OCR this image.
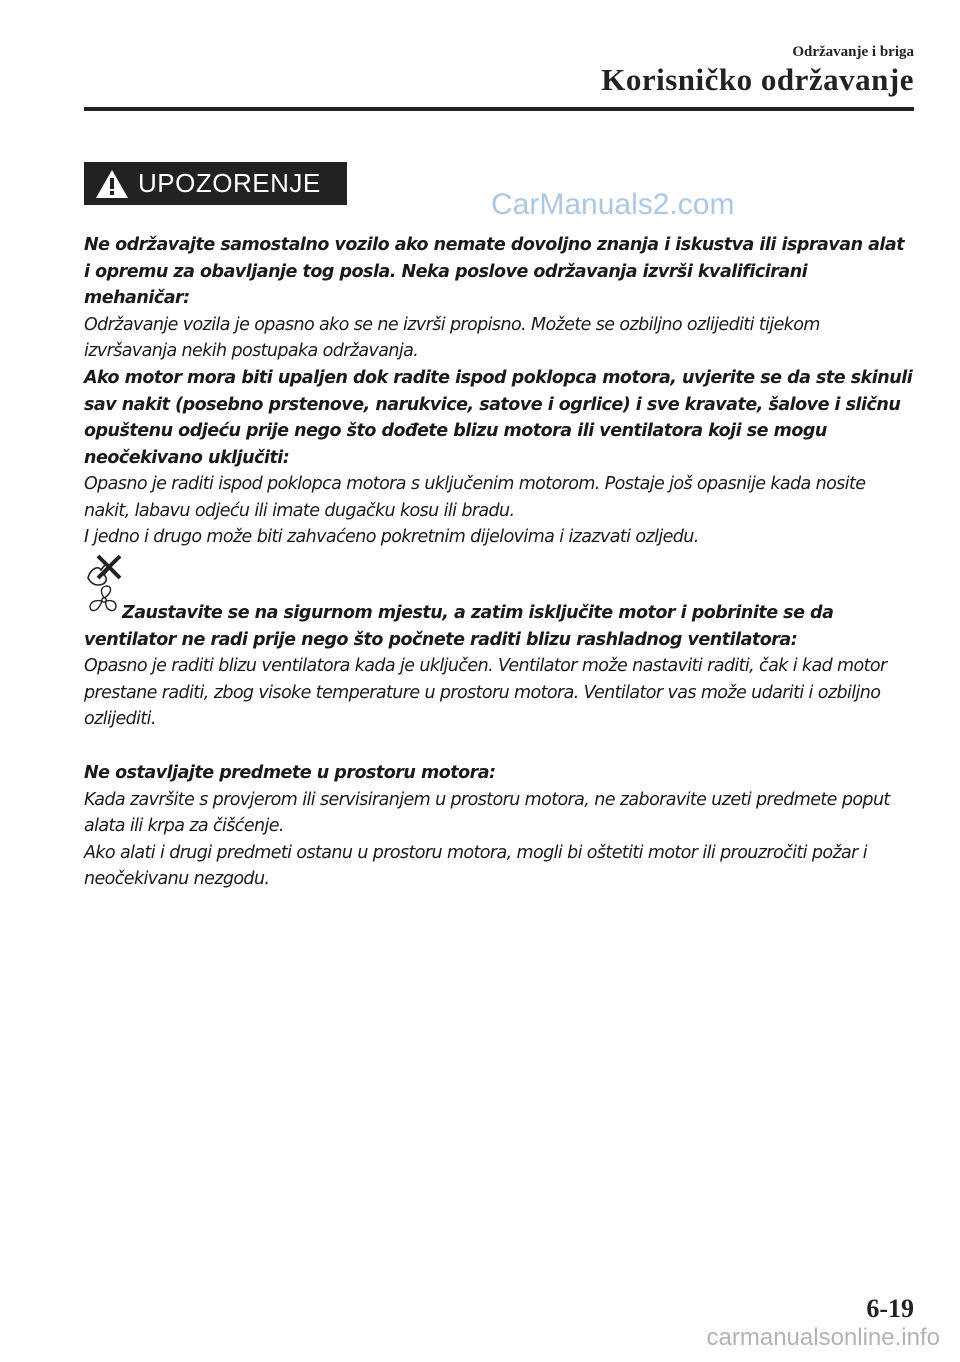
Održavanje i briga
Korisničko održavanje
UPOZORENJE
CarManuals2.com

Ne održavajte samostalno vozilo ako nemate dovoljno znanja i iskustva ili ispravan alat i opremu za obavljanje tog posla. Neka poslove održavanja izvrši kvalificirani mehaničar:

Održavanje vozila je opasno ako se ne izvrši propisno. Možete se ozbiljno ozlijediti tijekom izvršavanja nekih postupaka održavanja.

Ako motor mora biti upaljen dok radite ispod poklopca motora, uvjerite se da ste skinuli sav nakit (posebno prstenove, narukvice, satove i ogrlice) i sve kravate, šalove i sličnu opuštenu odjeću prije nego što dođete blizu motora ili ventilatora koji se mogu neočekivano uključiti:

Opasno je raditi ispod poklopca motora s uključenim motorom. Postaje još opasnije kada nosite nakit, labavu odjeću ili imate dugačku kosu ili bradu.

I jedno i drugo može biti zahvaćeno pokretnim dijelovima i izazvati ozljedu.

Zaustavite se na sigurnom mjestu, a zatim isključite motor i pobrinite se da ventilator ne radi prije nego što počnete raditi blizu rashladnog ventilatora:

Opasno je raditi blizu ventilatora kada je uključen. Ventilator može nastaviti raditi, čak i kad motor prestane raditi, zbog visoke temperature u prostoru motora. Ventilator vas može udariti i ozbiljno ozlijediti.

Ne ostavljajte predmete u prostoru motora:

Kada završite s provjerom ili servisiranjem u prostoru motora, ne zaboravite uzeti predmete poput alata ili krpa za čišćenje.

Ako alati i drugi predmeti ostanu u prostoru motora, mogli bi oštetiti motor ili prouzročiti požar i neočekivanu nezgodu.

6-19
carmanualsonline.info
